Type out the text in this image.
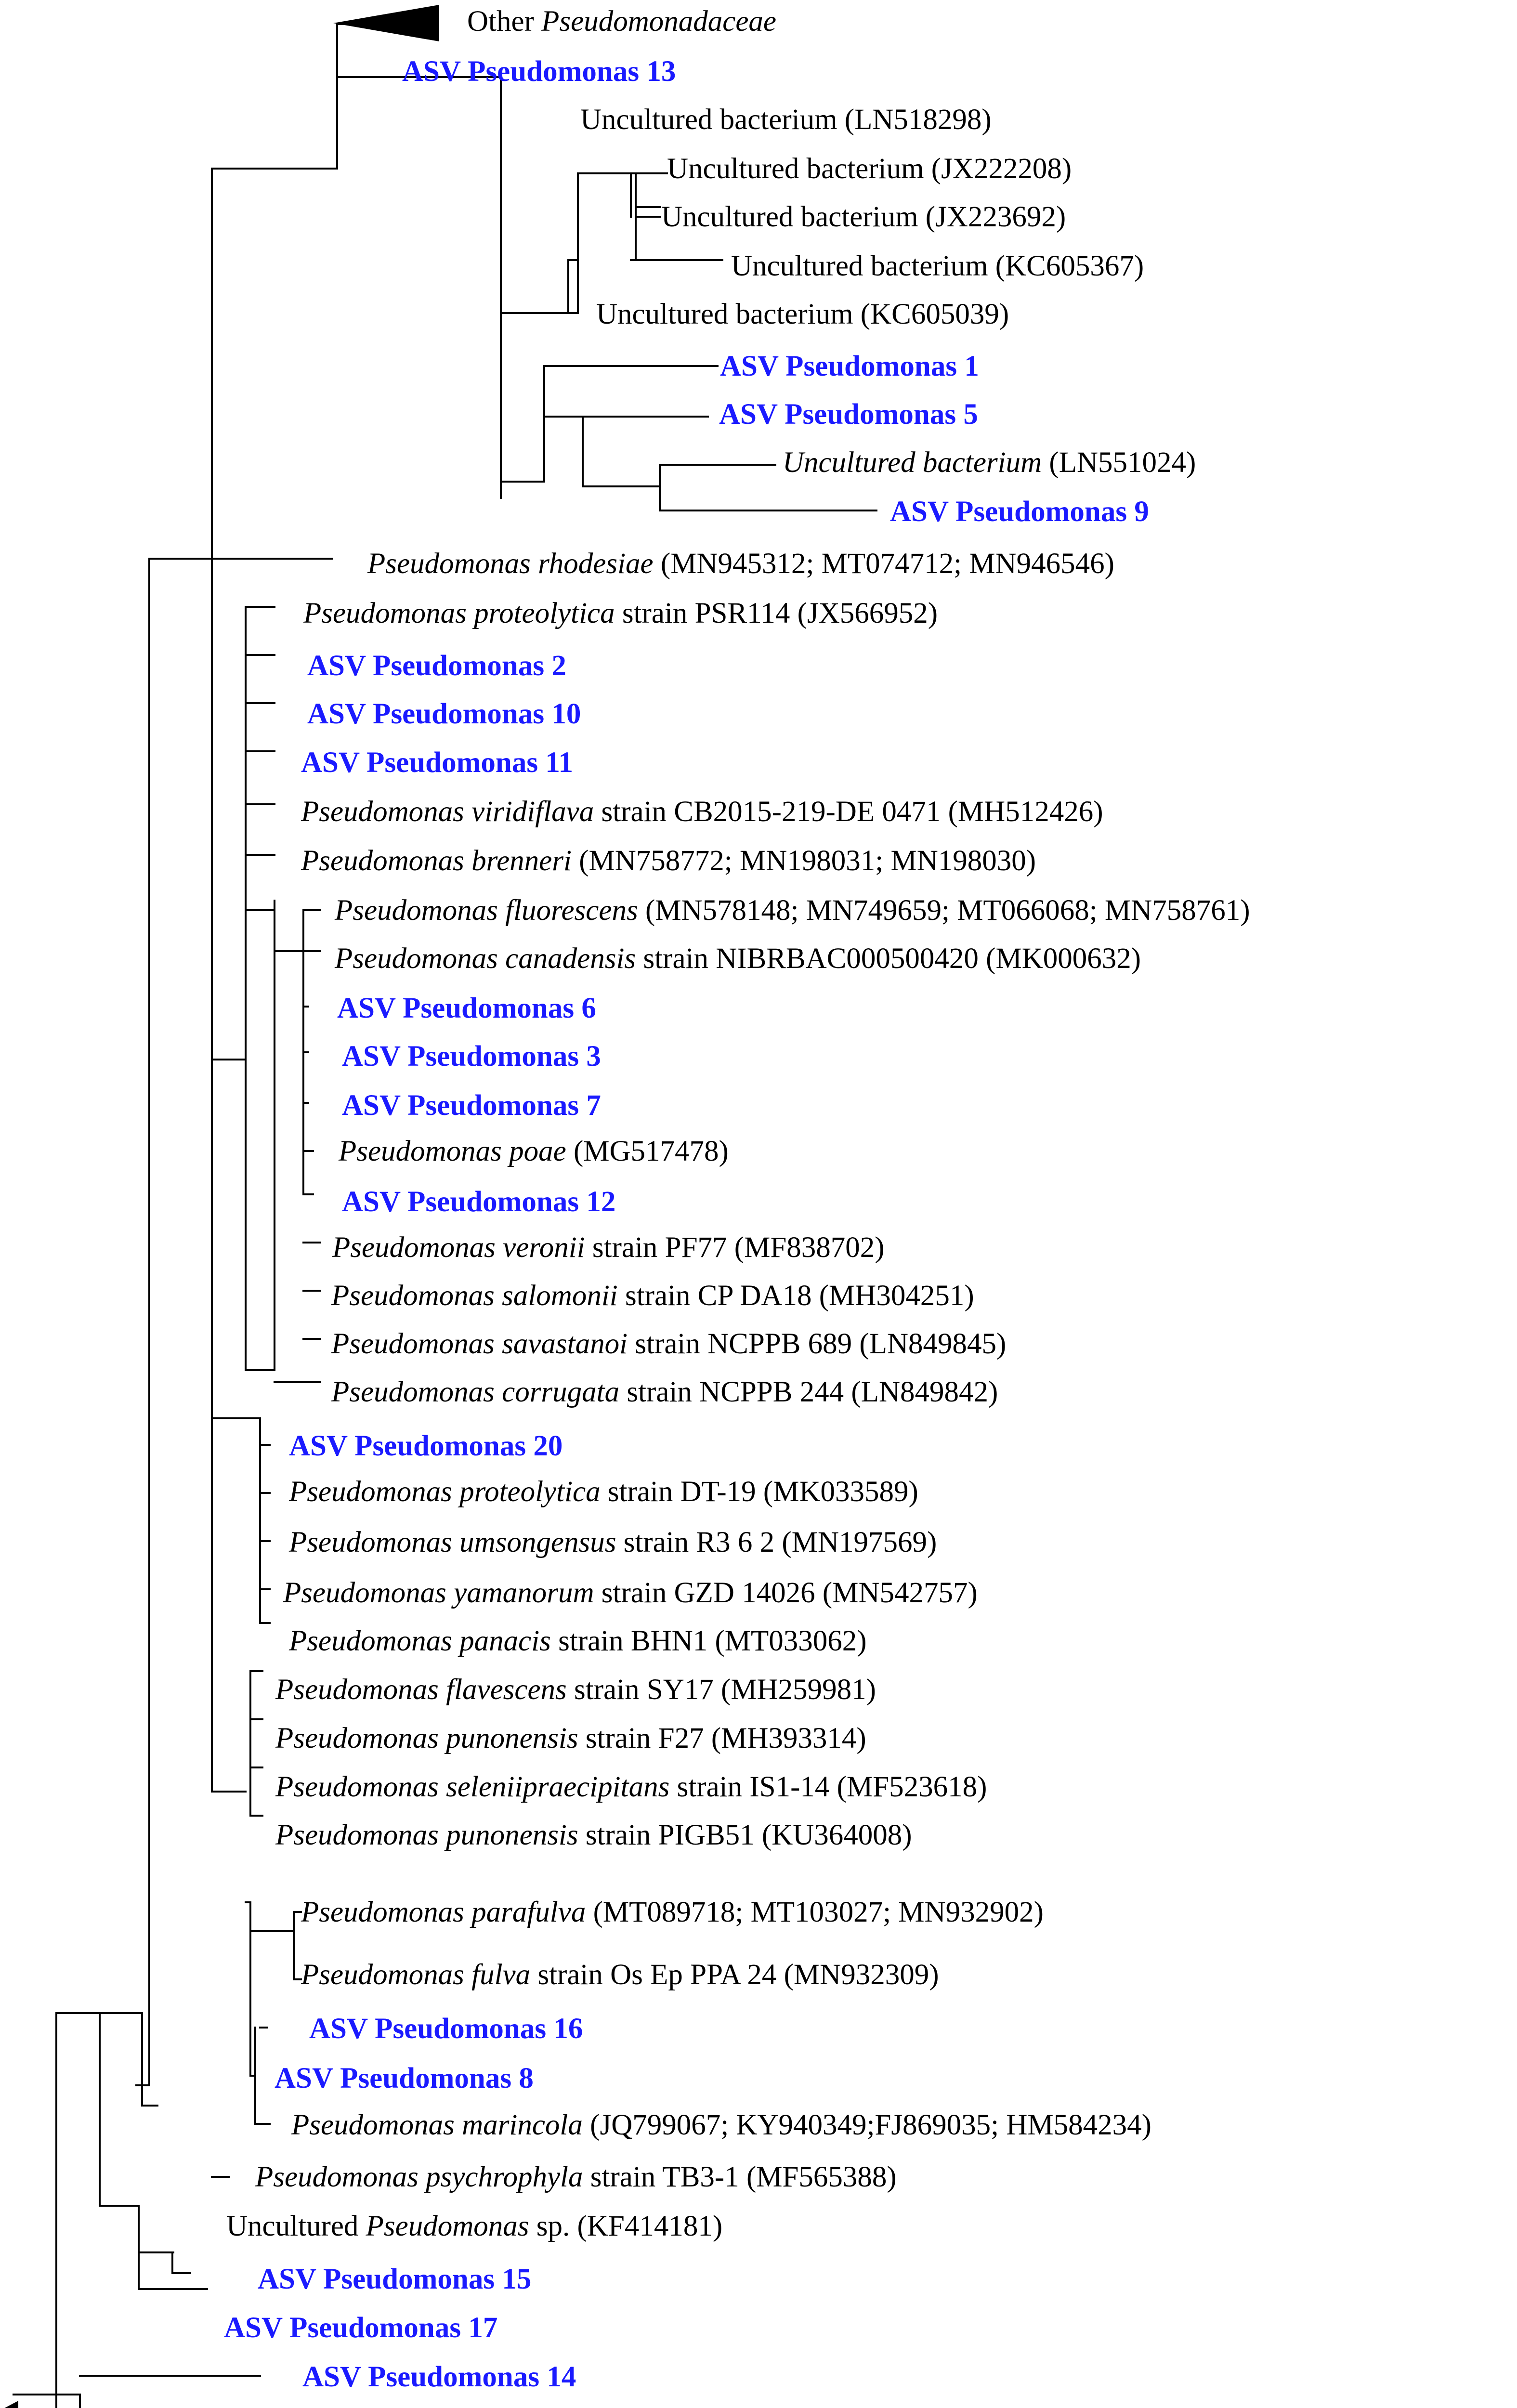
Other Pseudomonadaceae
ASV Pseudomonas 13
Uncultured bacterium (LN518298)
Uncultured bacterium (JX222208)
Uncultured bacterium (JX223692)
Uncultured bacterium (KC605367)
Uncultured bacterium (KC605039)
ASV Pseudomonas 1
ASV Pseudomonas 5
Uncultured bacterium (LN551024)
ASV Pseudomonas 9
Pseudomonas rhodesiae (MN945312; MT074712; MN946546)
Pseudomonas proteolytica strain PSR114 (JX566952)
ASV Pseudomonas 2
ASV Pseudomonas 10
ASV Pseudomonas 11
Pseudomonas viridiflava strain CB2015-219-DE 0471 (MH512426)
Pseudomonas brenneri (MN758772; MN198031; MN198030)
Pseudomonas fluorescens (MN578148; MN749659; MT066068; MN758761)
Pseudomonas canadensis strain NIBRBAC000500420 (MK000632)
ASV Pseudomonas 6
ASV Pseudomonas 3
ASV Pseudomonas 7
Pseudomonas poae (MG517478)
ASV Pseudomonas 12
Pseudomonas veronii strain PF77 (MF838702)
Pseudomonas salomonii strain CP DA18 (MH304251)
Pseudomonas savastanoi strain NCPPB 689 (LN849845)
Pseudomonas corrugata strain NCPPB 244 (LN849842)
ASV Pseudomonas 20
Pseudomonas proteolytica strain DT-19 (MK033589)
Pseudomonas umsongensus strain R3 6 2 (MN197569)
Pseudomonas yamanorum strain GZD 14026 (MN542757)
Pseudomonas panacis strain BHN1 (MT033062)
Pseudomonas flavescens strain SY17 (MH259981)
Pseudomonas punonensis strain F27 (MH393314)
Pseudomonas seleniipraecipitans strain IS1-14 (MF523618)
Pseudomonas punonensis strain PIGB51 (KU364008)
Pseudomonas parafulva (MT089718; MT103027; MN932902)
Pseudomonas fulva strain Os Ep PPA 24 (MN932309)
ASV Pseudomonas 16
ASV Pseudomonas 8
Pseudomonas marincola (JQ799067; KY940349;FJ869035; HM584234)
Pseudomonas psychrophyla strain TB3-1 (MF565388)
Uncultured Pseudomonas sp. (KF414181)
ASV Pseudomonas 15
ASV Pseudomonas 17
ASV Pseudomonas 14
